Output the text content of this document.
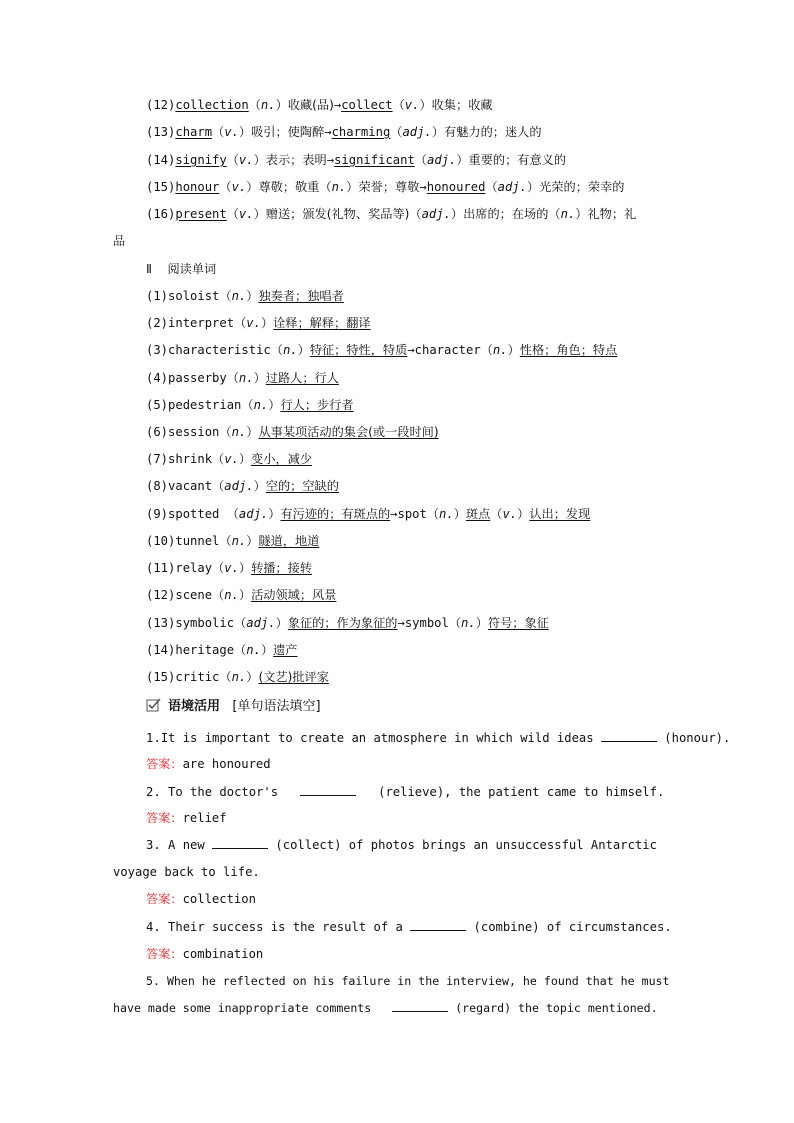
(12)collection（n.）收藏(品)→collect（v.）收集；收藏
(13)charm（v.）吸引；使陶醉→charming（adj.）有魅力的；迷人的
(14)signify（v.）表示；表明→significant（adj.）重要的；有意义的
(15)honour（v.）尊敬；敬重（n.）荣誉；尊敬→honoured（adj.）光荣的；荣幸的
(16)present（v.）赠送；颁发(礼物、奖品等)（adj.）出席的；在场的（n.）礼物；礼
品
Ⅱ 阅读单词
(1)soloist（n.）独奏者；独唱者
(2)interpret（v.）诠释；解释；翻译
(3)characteristic（n.）特征；特性，特质→character（n.）性格；角色；特点
(4)passerby（n.）过路人；行人
(5)pedestrian（n.）行人；步行者
(6)session（n.）从事某项活动的集会(或一段时间)
(7)shrink（v.）变小，减少
(8)vacant（adj.）空的；空缺的
(9)spotted （adj.）有污迹的；有斑点的→spot（n.）斑点（v.）认出；发现
(10)tunnel（n.）隧道，地道
(11)relay（v.）转播；接转
(12)scene（n.）活动领域；风景
(13)symbolic（adj.）象征的；作为象征的→symbol（n.）符号；象征
(14)heritage（n.）遗产
(15)critic（n.）(文艺)批评家
语境活用 [单句语法填空]
1.It is important to create an atmosphere in which wild ideas	(honour).
答案：are honoured
2. To the doctor's	(relieve), the patient came to himself.
答案：relief
3. A new	(collect) of photos brings an unsuccessful Antarctic voyage back to life.
答案：collection
4. Their success is the result of a	(combine) of circumstances.
答案：combination
5. When he reflected on his failure in the interview, he found that he must have made some inappropriate comments	(regard) the topic mentioned.
